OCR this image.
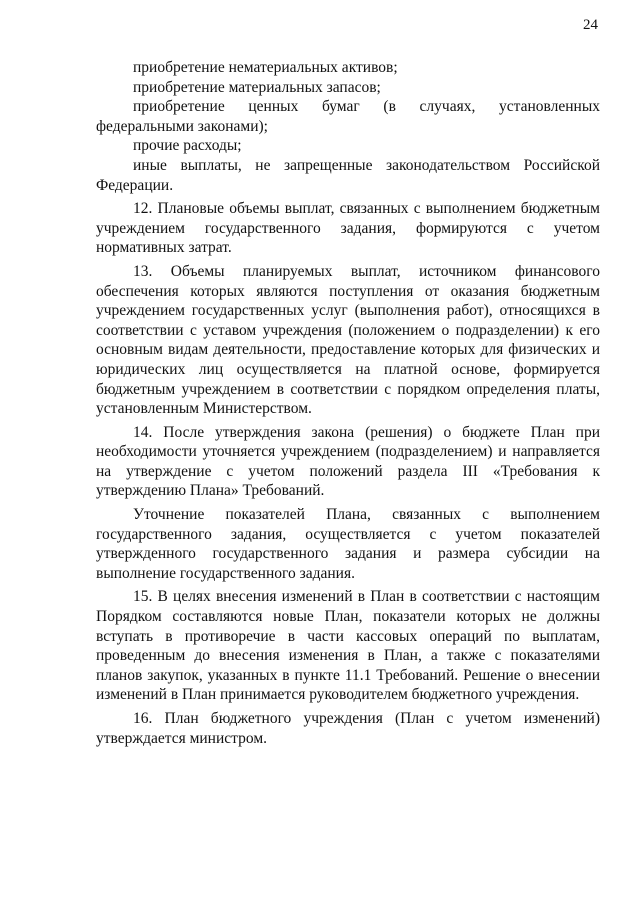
24

приобретение нематериальных активов;

приобретение материальных запасов;

приобретение ценных бумаг (в случаях, установленных федеральными законами);

прочие расходы;

иные выплаты, не запрещенные законодательством Российской Федерации.

12. Плановые объемы выплат, связанных с выполнением бюджетным учреждением государственного задания, формируются с учетом нормативных затрат.

13. Объемы планируемых выплат, источником финансового обеспечения которых являются поступления от оказания бюджетным учреждением государственных услуг (выполнения работ), относящихся в соответствии с уставом учреждения (положением о подразделении) к его основным видам деятельности, предоставление которых для физических и юридических лиц осуществляется на платной основе, формируется бюджетным учреждением в соответствии с порядком определения платы, установленным Министерством.

14. После утверждения закона (решения) о бюджете План при необходимости уточняется учреждением (подразделением) и направляется на утверждение с учетом положений раздела III «Требования к утверждению Плана» Требований.

Уточнение показателей Плана, связанных с выполнением государственного задания, осуществляется с учетом показателей утвержденного государственного задания и размера субсидии на выполнение государственного задания.

15. В целях внесения изменений в План в соответствии с настоящим Порядком составляются новые План, показатели которых не должны вступать в противоречие в части кассовых операций по выплатам, проведенным до внесения изменения в План, а также с показателями планов закупок, указанных в пункте 11.1 Требований. Решение о внесении изменений в План принимается руководителем бюджетного учреждения.

16. План бюджетного учреждения (План с учетом изменений) утверждается министром.
